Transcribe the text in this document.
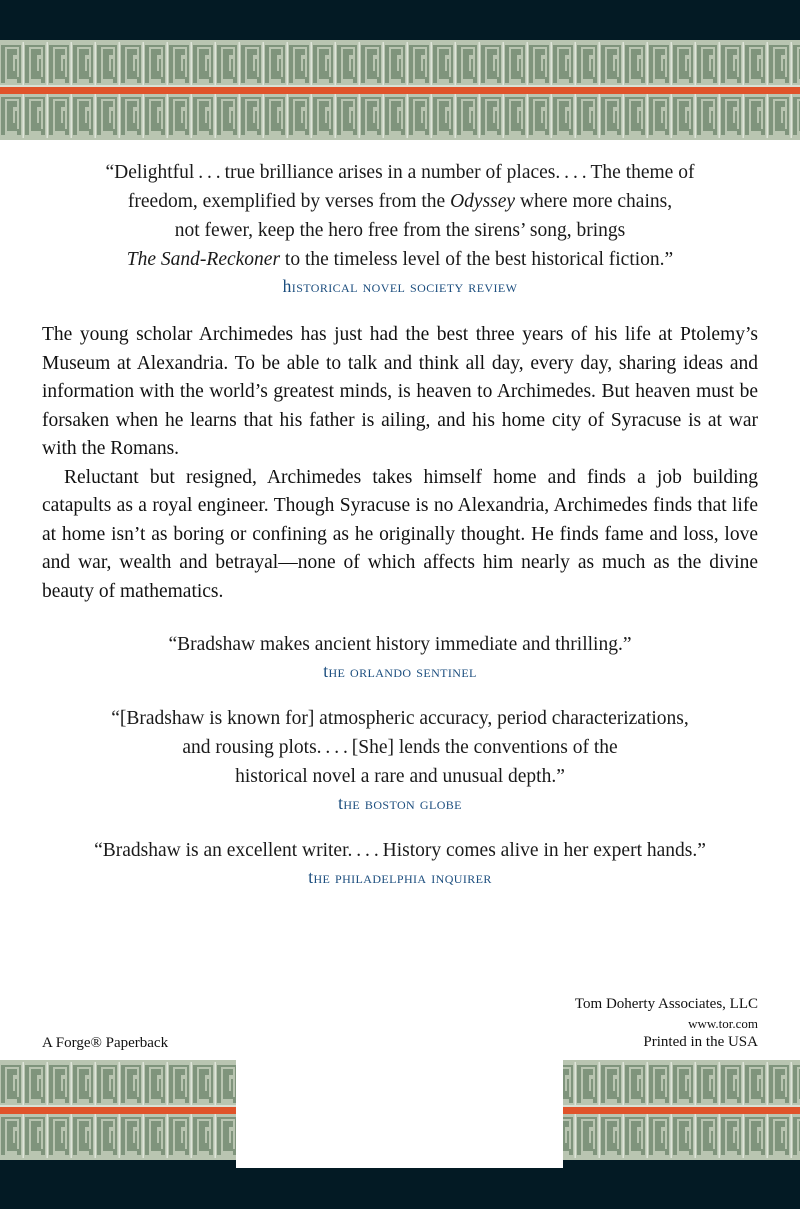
“Delightful . . . true brilliance arises in a number of places. . . . The theme of
freedom, exemplified by verses from the Odyssey where more chains,
not fewer, keep the hero free from the sirens’ song, brings
The Sand-Reckoner to the timeless level of the best historical fiction.”
historical novel society review
The young scholar Archimedes has just had the best three years of his life at Ptolemy’s Museum at Alexandria. To be able to talk and think all day, every day, sharing ideas and information with the world’s greatest minds, is heaven to Archimedes. But heaven must be forsaken when he learns that his father is ailing, and his home city of Syracuse is at war with the Romans.
Reluctant but resigned, Archimedes takes himself home and finds a job building catapults as a royal engineer. Though Syracuse is no Alexandria, Archimedes finds that life at home isn’t as boring or confining as he originally thought. He finds fame and loss, love and war, wealth and betrayal—none of which affects him nearly as much as the divine beauty of mathematics.
“Bradshaw makes ancient history immediate and thrilling.”
the orlando sentinel
“[Bradshaw is known for] atmospheric accuracy, period characterizations,
and rousing plots. . . . [She] lends the conventions of the
historical novel a rare and unusual depth.”
the boston globe
“Bradshaw is an excellent writer. . . . History comes alive in her expert hands.”
the philadelphia inquirer
A Forge® Paperback
Tom Doherty Associates, LLC
www.tor.com
Printed in the USA
